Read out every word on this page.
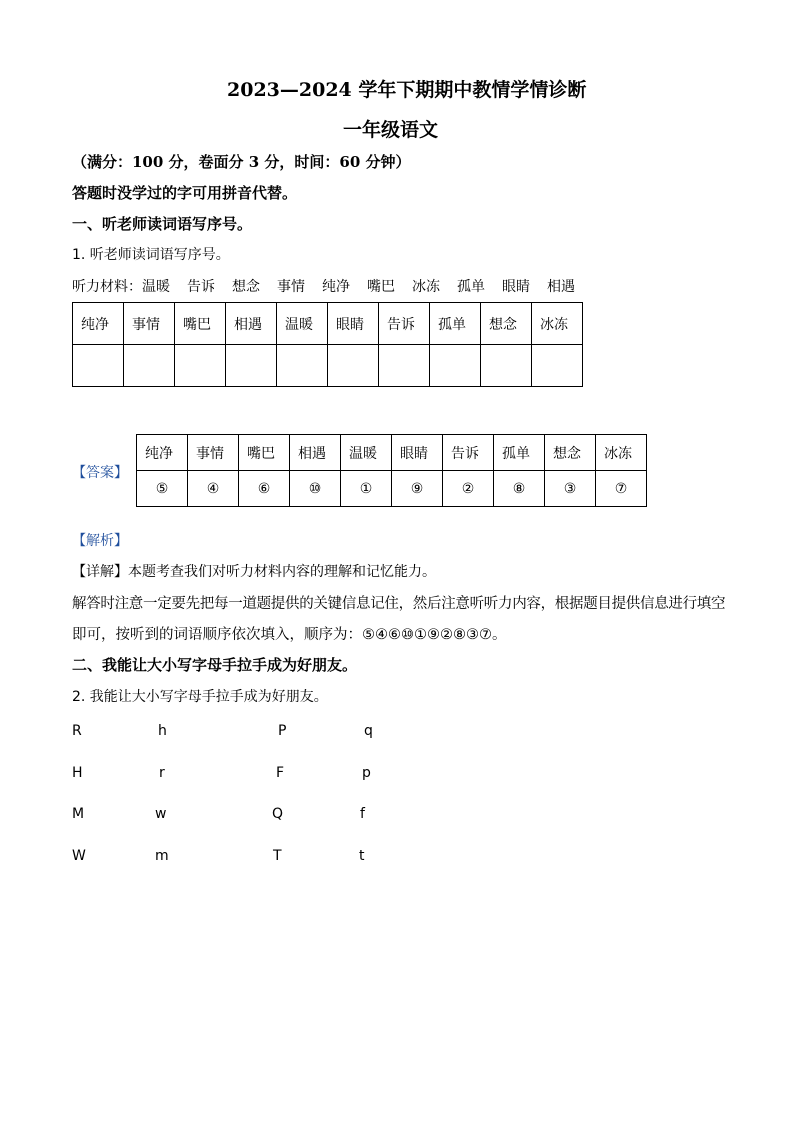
2023—2024 学年下期期中教情学情诊断
一年级语文
（满分：100 分，卷面分 3 分，时间：60 分钟）
答题时没学过的字可用拼音代替。
一、听老师读词语写序号。
1. 听老师读词语写序号。
听力材料：温暖 告诉 想念 事情 纯净 嘴巴 冰冻 孤单 眼睛 相遇
纯净	事情	嘴巴	相遇	温暖	眼睛	告诉	孤单	想念	冰冻

【答案】
纯净	事情	嘴巴	相遇	温暖	眼睛	告诉	孤单	想念	冰冻
⑤	④	⑥	⑩	①	⑨	②	⑧	③	⑦
【解析】
【详解】本题考查我们对听力材料内容的理解和记忆能力。
解答时注意一定要先把每一道题提供的关键信息记住，然后注意听听力内容，根据题目提供信息进行填空
即可，按听到的词语顺序依次填入，顺序为：⑤④⑥⑩①⑨②⑧③⑦。
二、我能让大小写字母手拉手成为好朋友。
2. 我能让大小写字母手拉手成为好朋友。
R	h	P	q
H	r	F	p
M	w	Q	f
W	m	T	t
